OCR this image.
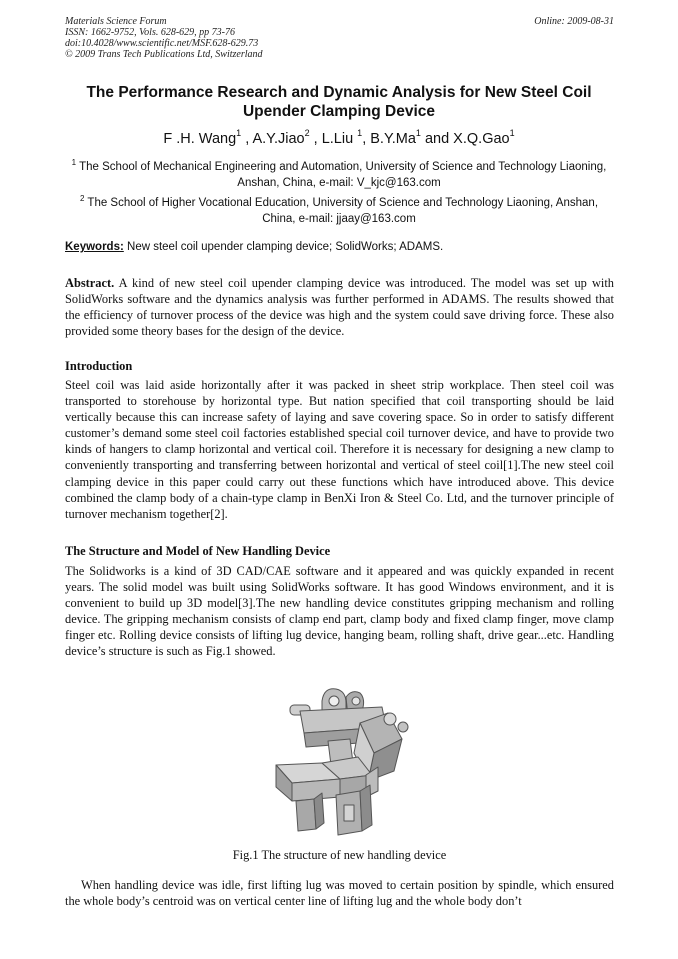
Materials Science Forum
ISSN: 1662-9752, Vols. 628-629, pp 73-76
doi:10.4028/www.scientific.net/MSF.628-629.73
© 2009 Trans Tech Publications Ltd, Switzerland
Online: 2009-08-31
The Performance Research and Dynamic Analysis for New Steel Coil Upender Clamping Device
F .H. Wang$^1$ , A.Y.Jiao$^2$ , L.Liu $^1$, B.Y.Ma$^1$ and X.Q.Gao$^1$
$^1$ The School of Mechanical Engineering and Automation, University of Science and Technology Liaoning, Anshan, China, e-mail: V_kjc@163.com
$^2$ The School of Higher Vocational Education, University of Science and Technology Liaoning, Anshan, China, e-mail: jjaay@163.com
Keywords: New steel coil upender clamping device; SolidWorks; ADAMS.
Abstract. A kind of new steel coil upender clamping device was introduced. The model was set up with SolidWorks software and the dynamics analysis was further performed in ADAMS. The results showed that the efficiency of turnover process of the device was high and the system could save driving force. These also provided some theory bases for the design of the device.
Introduction
Steel coil was laid aside horizontally after it was packed in sheet strip workplace. Then steel coil was transported to storehouse by horizontal type. But nation specified that coil transporting should be laid vertically because this can increase safety of laying and save covering space. So in order to satisfy different customer’s demand some steel coil factories established special coil turnover device, and have to provide two kinds of hangers to clamp horizontal and vertical coil. Therefore it is necessary for designing a new clamp to conveniently transporting and transferring between horizontal and vertical of steel coil[1].The new steel coil clamping device in this paper could carry out these functions which have introduced above. This device combined the clamp body of a chain-type clamp in BenXi Iron & Steel Co. Ltd, and the turnover principle of turnover mechanism together[2].
The Structure and Model of New Handling Device
The Solidworks is a kind of 3D CAD/CAE software and it appeared and was quickly expanded in recent years. The solid model was built using SolidWorks software. It has good Windows environment, and it is convenient to build up 3D model[3].The new handling device constitutes gripping mechanism and rolling device. The gripping mechanism consists of clamp end part, clamp body and fixed clamp finger, move clamp finger etc. Rolling device consists of lifting lug device, hanging beam, rolling shaft, drive gear...etc. Handling device’s structure is such as Fig.1 showed.
Fig.1 The structure of new handling device
When handling device was idle, first lifting lug was moved to certain position by spindle, which ensured the whole body’s centroid was on vertical center line of lifting lug and the whole body don’t
